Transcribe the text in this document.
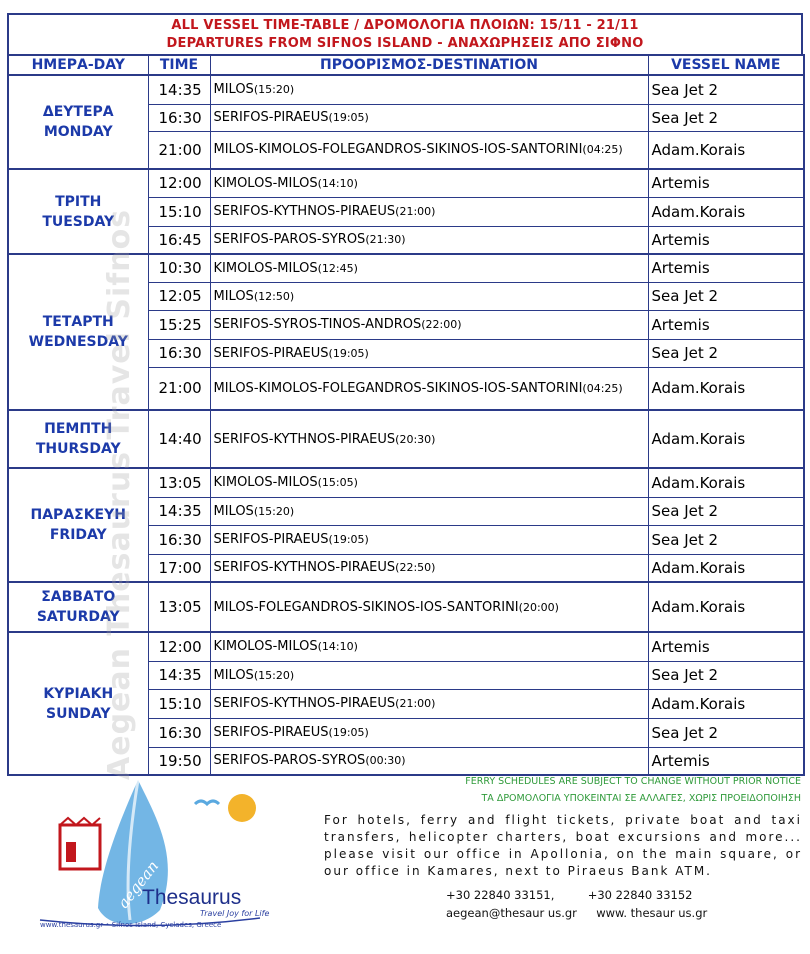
ALL VESSEL TIME-TABLE / ΔΡΟΜΟΛΟΓΙΑ ΠΛΟΙΩΝ: 15/11 - 21/11
DEPARTURES FROM SIFNOS ISLAND - ΑΝΑΧΩΡΗΣΕΙΣ ΑΠΟ ΣΙΦΝΟ
ΗΜΕΡΑ-DAY	TIME	ΠΡΟΟΡΙΣΜΟΣ-DESTINATION	VESSEL NAME

ΔΕΥΤΕΡΑ
MONDAY	14:35	MILOS(15:20)	Sea Jet 2
	16:30	SERIFOS-PIRAEUS(19:05)	Sea Jet 2
	21:00	MILOS-KIMOLOS-FOLEGANDROS-SIKINOS-IOS-SANTORINI(04:25)	Adam.Korais

ΤΡΙΤΗ
TUESDAY	12:00	KIMOLOS-MILOS(14:10)	Artemis
	15:10	SERIFOS-KYTHNOS-PIRAEUS(21:00)	Adam.Korais
	16:45	SERIFOS-PAROS-SYROS(21:30)	Artemis

ΤΕΤΑΡΤΗ
WEDNESDAY	10:30	KIMOLOS-MILOS(12:45)	Artemis
	12:05	MILOS(12:50)	Sea Jet 2
	15:25	SERIFOS-SYROS-TINOS-ANDROS(22:00)	Artemis
	16:30	SERIFOS-PIRAEUS(19:05)	Sea Jet 2
	21:00	MILOS-KIMOLOS-FOLEGANDROS-SIKINOS-IOS-SANTORINI(04:25)	Adam.Korais

ΠΕΜΠΤΗ
THURSDAY	14:40	SERIFOS-KYTHNOS-PIRAEUS(20:30)	Adam.Korais

ΠΑΡΑΣΚΕΥΗ
FRIDAY	13:05	KIMOLOS-MILOS(15:05)	Adam.Korais
	14:35	MILOS(15:20)	Sea Jet 2
	16:30	SERIFOS-PIRAEUS(19:05)	Sea Jet 2
	17:00	SERIFOS-KYTHNOS-PIRAEUS(22:50)	Adam.Korais

ΣΑΒΒΑΤΟ
SATURDAY	13:05	MILOS-FOLEGANDROS-SIKINOS-IOS-SANTORINI(20:00)	Adam.Korais

ΚΥΡΙΑΚΗ
SUNDAY	12:00	KIMOLOS-MILOS(14:10)	Artemis
	14:35	MILOS(15:20)	Sea Jet 2
	15:10	SERIFOS-KYTHNOS-PIRAEUS(21:00)	Adam.Korais
	16:30	SERIFOS-PIRAEUS(19:05)	Sea Jet 2
	19:50	SERIFOS-PAROS-SYROS(00:30)	Artemis
Aegean Thesaurus Travel Sifnos
FERRY SCHEDULES ARE SUBJECT TO CHANGE WITHOUT PRIOR NOTICE
ΤΑ ΔΡΟΜΟΛΟΓΙΑ ΥΠΟΚΕΙΝΤΑΙ ΣΕ ΑΛΛΑΓΕΣ, ΧΩΡΙΣ ΠΡΟΕΙΔΟΠΟΙΗΣΗ
For hotels, ferry and flight tickets, private boat and taxi transfers, helicopter charters, boat excursions and more... please visit our office in Apollonia, on the main square, or our office in Kamares, next to Piraeus Bank ATM.
+30 22840 33151,	+30 22840 33152
aegean@thesaur us.gr www. thesaur us.gr
aegean
Thesaurus
Travel Joy for Life
www.thesaurus.gr • Sifnos Island, Cyclades, Greece
